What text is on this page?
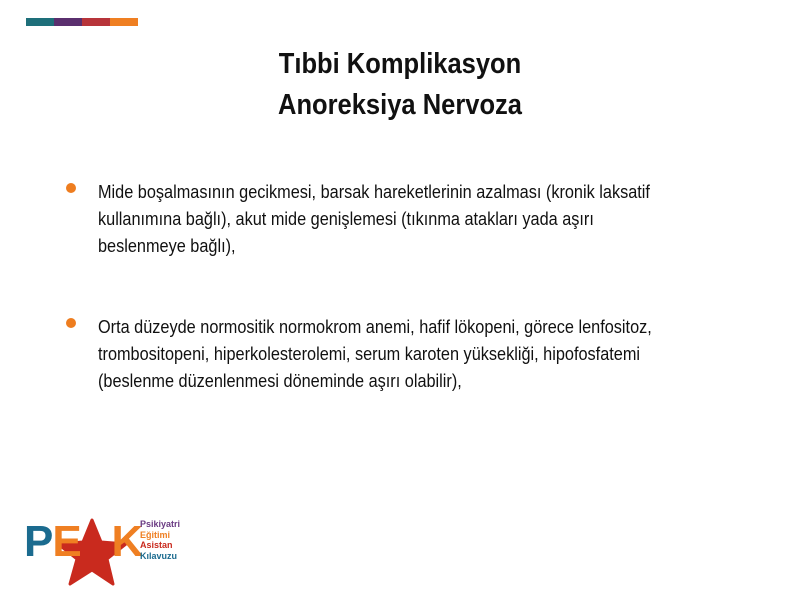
Tıbbi Komplikasyon
Anoreksiya Nervoza
Mide boşalmasının gecikmesi, barsak hareketlerinin azalması (kronik laksatif
kullanımına bağlı), akut mide genişlemesi (tıkınma atakları yada aşırı
beslenmeye bağlı),
Orta düzeyde normositik normokrom anemi, hafif lökopeni, görece lenfositoz,
trombositopeni, hiperkolesterolemi, serum karoten yüksekliği, hipofosfatemi
(beslenme düzenlenmesi döneminde aşırı olabilir),
PE K
Psikiyatri
Eğitimi
Asistan
Kılavuzu
